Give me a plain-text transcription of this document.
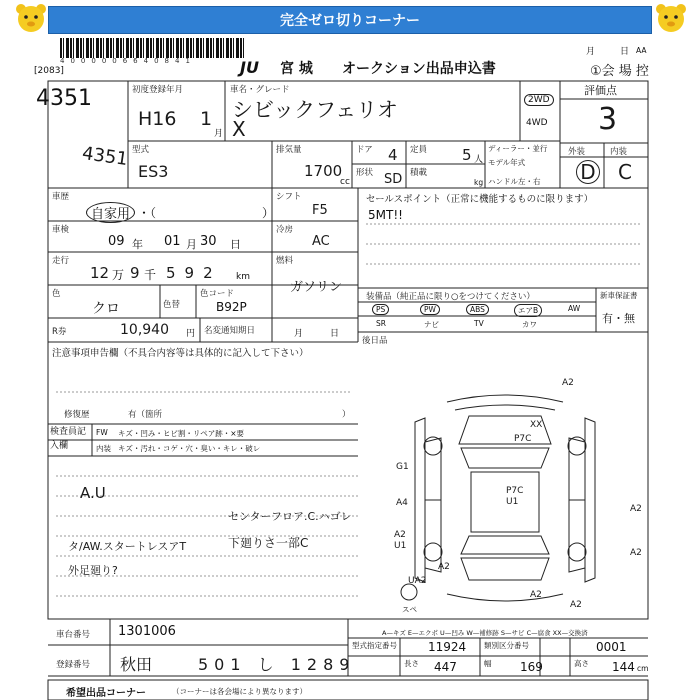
完全ゼロ切りコーナー
4000006640841
[2083]	JU 宮 城 オークション出品申込書
月	日 AA
①会 場 控
4351
4351
初度登録年月
H16 1
月
車名・グレード
シビックフェリオ
X
2WD
4WD
評価点
3
外装	内装
D C
型式
ES3
排気量
1700
cc
ドア 4
形状 SD
定員 5 人
積載
kg
ディーラー・並行
モデル年式
ハンドル左・右
車歴
自家用 ・（	）
シフト
F5
車検
09 年 01 月 30 日
冷房
AC
走行
12 万 9 千 592 km
燃料
ガソリン
色
クロ	色替
色コード
B92P
R券	10,940 円 名変通知期日	月	日
セールスポイント（正常に機能するものに限ります）
5MT!!
装備品（純正品に限り○をつけてください）
PS	PW	ABS	エアB	AW
SR	ナビ	TV	カワ
新車保証書
有・無
後日品
注意事項申告欄（不具合内容等は具体的に記入して下さい）
修復歴	有（箇所	）
検査員記入欄
FW キズ・凹み・ヒビ割・リペア跡・×要
内装 キズ・汚れ・コゲ・穴・臭い・キレ・破レ
A.U
センターフロア.C.ハゴレ
タ/AW.スタートレスアT	下廻りさ一部C
外足廻り?
A2
XX
P7C
G1
A4
P7C U1
A2
A2
A2 U1
A2
UA2
A2
スペ	A2
A—キズ E—エクボ U—凹み W—補修跡 S—サビ C—腐食 XX—交換済
車台番号 1301006
登録番号 秋田	501 し 1289
型式指定番号	11924 類別区分番号	0001
長さ 447	幅 169	高さ 144 cm
希望出品コーナー	（コーナーは各会場により異なります）
